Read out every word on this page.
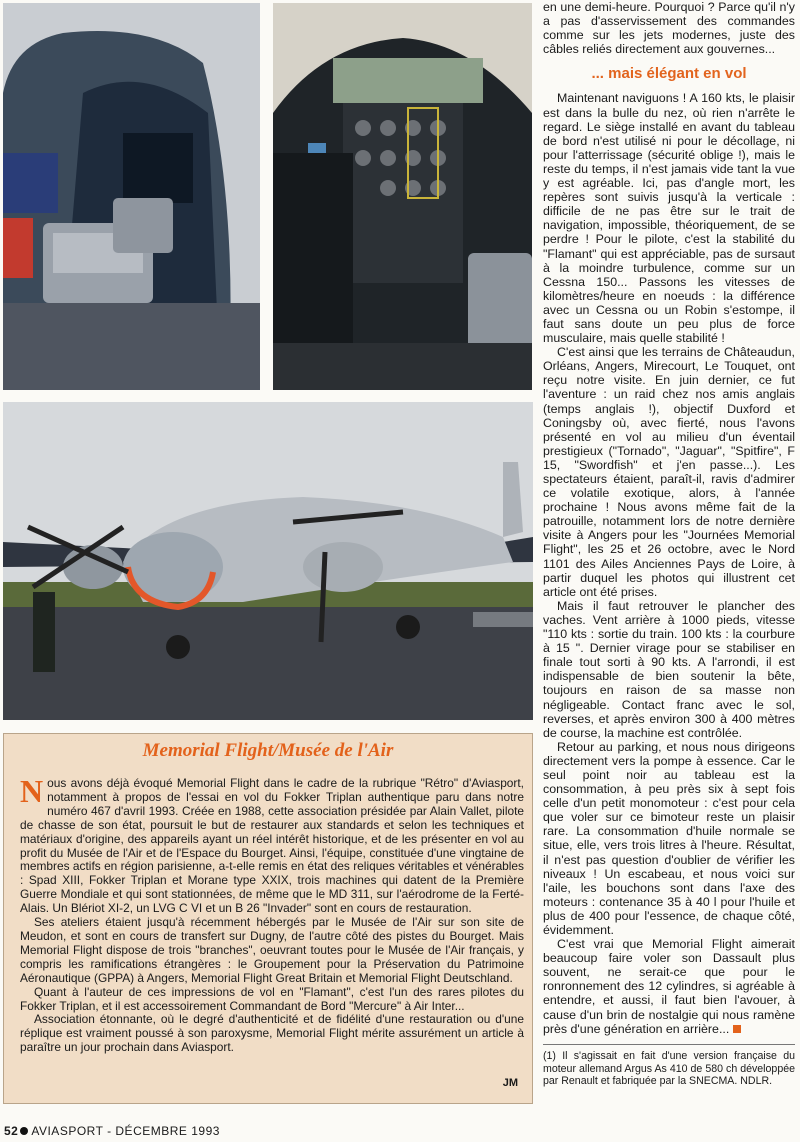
en une demi-heure. Pourquoi ? Parce qu'il n'y a pas d'asservissement des commandes comme sur les jets modernes, juste des câbles reliés directement aux gouvernes...

... mais élégant en vol

Maintenant naviguons ! A 160 kts, le plaisir est dans la bulle du nez, où rien n'arrête le regard. Le siège installé en avant du tableau de bord n'est utilisé ni pour le décollage, ni pour l'atterrissage (sécurité oblige !), mais le reste du temps, il n'est jamais vide tant la vue y est agréable. Ici, pas d'angle mort, les repères sont suivis jusqu'à la verticale : difficile de ne pas être sur le trait de navigation, impossible, théoriquement, de se perdre ! Pour le pilote, c'est la stabilité du "Flamant" qui est appréciable, pas de sursaut à la moindre turbulence, comme sur un Cessna 150... Passons les vitesses de kilomètres/heure en noeuds : la différence avec un Cessna ou un Robin s'estompe, il faut sans doute un peu plus de force musculaire, mais quelle stabilité !

C'est ainsi que les terrains de Châteaudun, Orléans, Angers, Mirecourt, Le Touquet, ont reçu notre visite. En juin dernier, ce fut l'aventure : un raid chez nos amis anglais (temps anglais !), objectif Duxford et Coningsby où, avec fierté, nous l'avons présenté en vol au milieu d'un éventail prestigieux ("Tornado", "Jaguar", "Spitfire", F 15, "Swordfish" et j'en passe...). Les spectateurs étaient, paraît-il, ravis d'admirer ce volatile exotique, alors, à l'année prochaine ! Nous avons même fait de la patrouille, notamment lors de notre dernière visite à Angers pour les "Journées Memorial Flight", les 25 et 26 octobre, avec le Nord 1101 des Ailes Anciennes Pays de Loire, à partir duquel les photos qui illustrent cet article ont été prises.

Mais il faut retrouver le plancher des vaches. Vent arrière à 1000 pieds, vitesse "110 kts : sortie du train. 100 kts : la courbure à 15 ". Dernier virage pour se stabiliser en finale tout sorti à 90 kts. A l'arrondi, il est indispensable de bien soutenir la bête, toujours en raison de sa masse non négligeable. Contact franc avec le sol, reverses, et après environ 300 à 400 mètres de course, la machine est contrôlée.

Retour au parking, et nous nous dirigeons directement vers la pompe à essence. Car le seul point noir au tableau est la consommation, à peu près six à sept fois celle d'un petit monomoteur : c'est pour cela que voler sur ce bimoteur reste un plaisir rare. La consommation d'huile normale se situe, elle, vers trois litres à l'heure. Résultat, il n'est pas question d'oublier de vérifier les niveaux ! Un escabeau, et nous voici sur l'aile, les bouchons sont dans l'axe des moteurs : contenance 35 à 40 l pour l'huile et plus de 400 pour l'essence, de chaque côté, évidemment.

C'est vrai que Memorial Flight aimerait beaucoup faire voler son Dassault plus souvent, ne serait-ce que pour le ronronnement des 12 cylindres, si agréable à entendre, et aussi, il faut bien l'avouer, à cause d'un brin de nostalgie qui nous ramène près d'une génération en arrière...

(1) Il s'agissait en fait d'une version française du moteur allemand Argus As 410 de 580 ch développée par Renault et fabriquée par la SNECMA. NDLR.
Memorial Flight/Musée de l'Air

Nous avons déjà évoqué Memorial Flight dans le cadre de la rubrique "Rétro" d'Aviasport, notamment à propos de l'essai en vol du Fokker Triplan authentique paru dans notre numéro 467 d'avril 1993. Créée en 1988, cette association présidée par Alain Vallet, pilote de chasse de son état, poursuit le but de restaurer aux standards et selon les techniques et matériaux d'origine, des appareils ayant un réel intérêt historique, et de les présenter en vol au profit du Musée de l'Air et de l'Espace du Bourget. Ainsi, l'équipe, constituée d'une vingtaine de membres actifs en région parisienne, a-t-elle remis en état des reliques véritables et vénérables : Spad XIII, Fokker Triplan et Morane type XXIX, trois machines qui datent de la Première Guerre Mondiale et qui sont stationnées, de même que le MD 311, sur l'aérodrome de la Ferté-Alais. Un Blériot XI-2, un LVG C VI et un B 26 "Invader" sont en cours de restauration.

Ses ateliers étaient jusqu'à récemment hébergés par le Musée de l'Air sur son site de Meudon, et sont en cours de transfert sur Dugny, de l'autre côté des pistes du Bourget. Mais Memorial Flight dispose de trois "branches", oeuvrant toutes pour le Musée de l'Air français, y compris les ramifications étrangères : le Groupement pour la Préservation du Patrimoine Aéronautique (GPPA) à Angers, Memorial Flight Great Britain et Memorial Flight Deutschland.

Quant à l'auteur de ces impressions de vol en "Flamant", c'est l'un des rares pilotes du Fokker Triplan, et il est accessoirement Commandant de Bord "Mercure" à Air Inter...

Association étonnante, où le degré d'authenticité et de fidélité d'une restauration ou d'une réplique est vraiment poussé à son paroxysme, Memorial Flight mérite assurément un article à paraître un jour prochain dans Aviasport.

JM
52 AVIASPORT - DÉCEMBRE 1993
